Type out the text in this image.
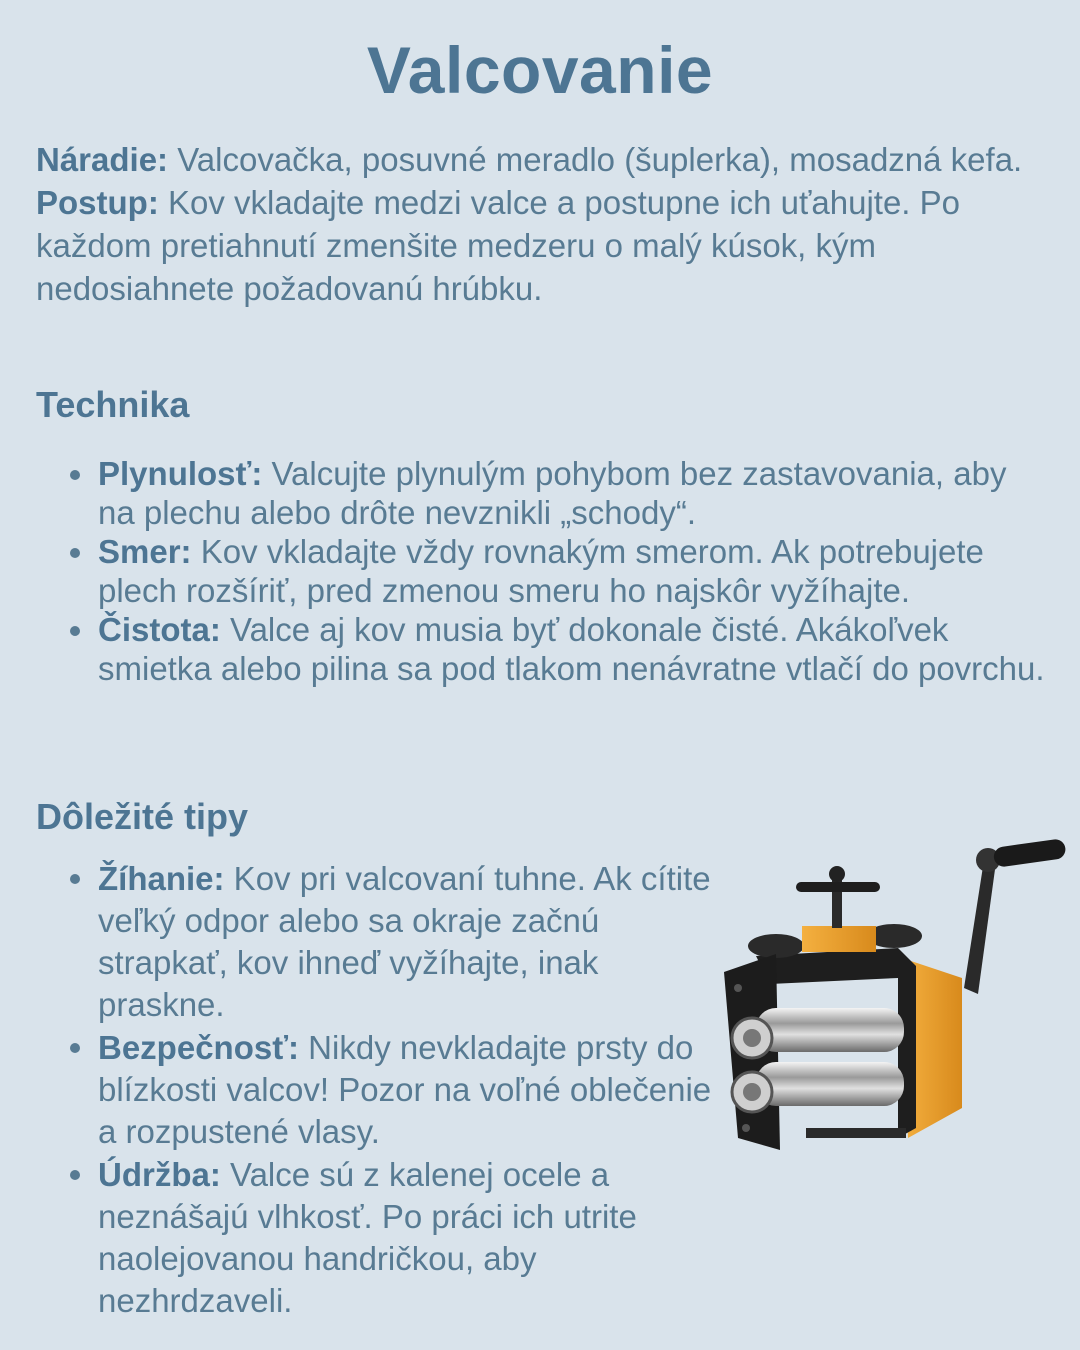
Valcovanie

Náradie: Valcovačka, posuvné meradlo (šuplerka), mosadzná kefa.

Postup: Kov vkladajte medzi valce a postupne ich uťahujte. Po každom pretiahnutí zmenšite medzeru o malý kúsok, kým nedosiahnete požadovanú hrúbku.

Technika
Plynulosť: Valcujte plynulým pohybom bez zastavovania, aby na plechu alebo drôte nevznikli „schody“.
Smer: Kov vkladajte vždy rovnakým smerom. Ak potrebujete plech rozšíriť, pred zmenou smeru ho najskôr vyžíhajte.
Čistota: Valce aj kov musia byť dokonale čisté. Akákoľvek smietka alebo pilina sa pod tlakom nenávratne vtlačí do povrchu.
Dôležité tipy
Žíhanie: Kov pri valcovaní tuhne. Ak cítite veľký odpor alebo sa okraje začnú strapkať, kov ihneď vyžíhajte, inak praskne.
Bezpečnosť: Nikdy nevkladajte prsty do blízkosti valcov! Pozor na voľné oblečenie a rozpustené vlasy.
Údržba: Valce sú z kalenej ocele a neznášajú vlhkosť. Po práci ich utrite naolejovanou handričkou, aby nezhrdzaveli.
